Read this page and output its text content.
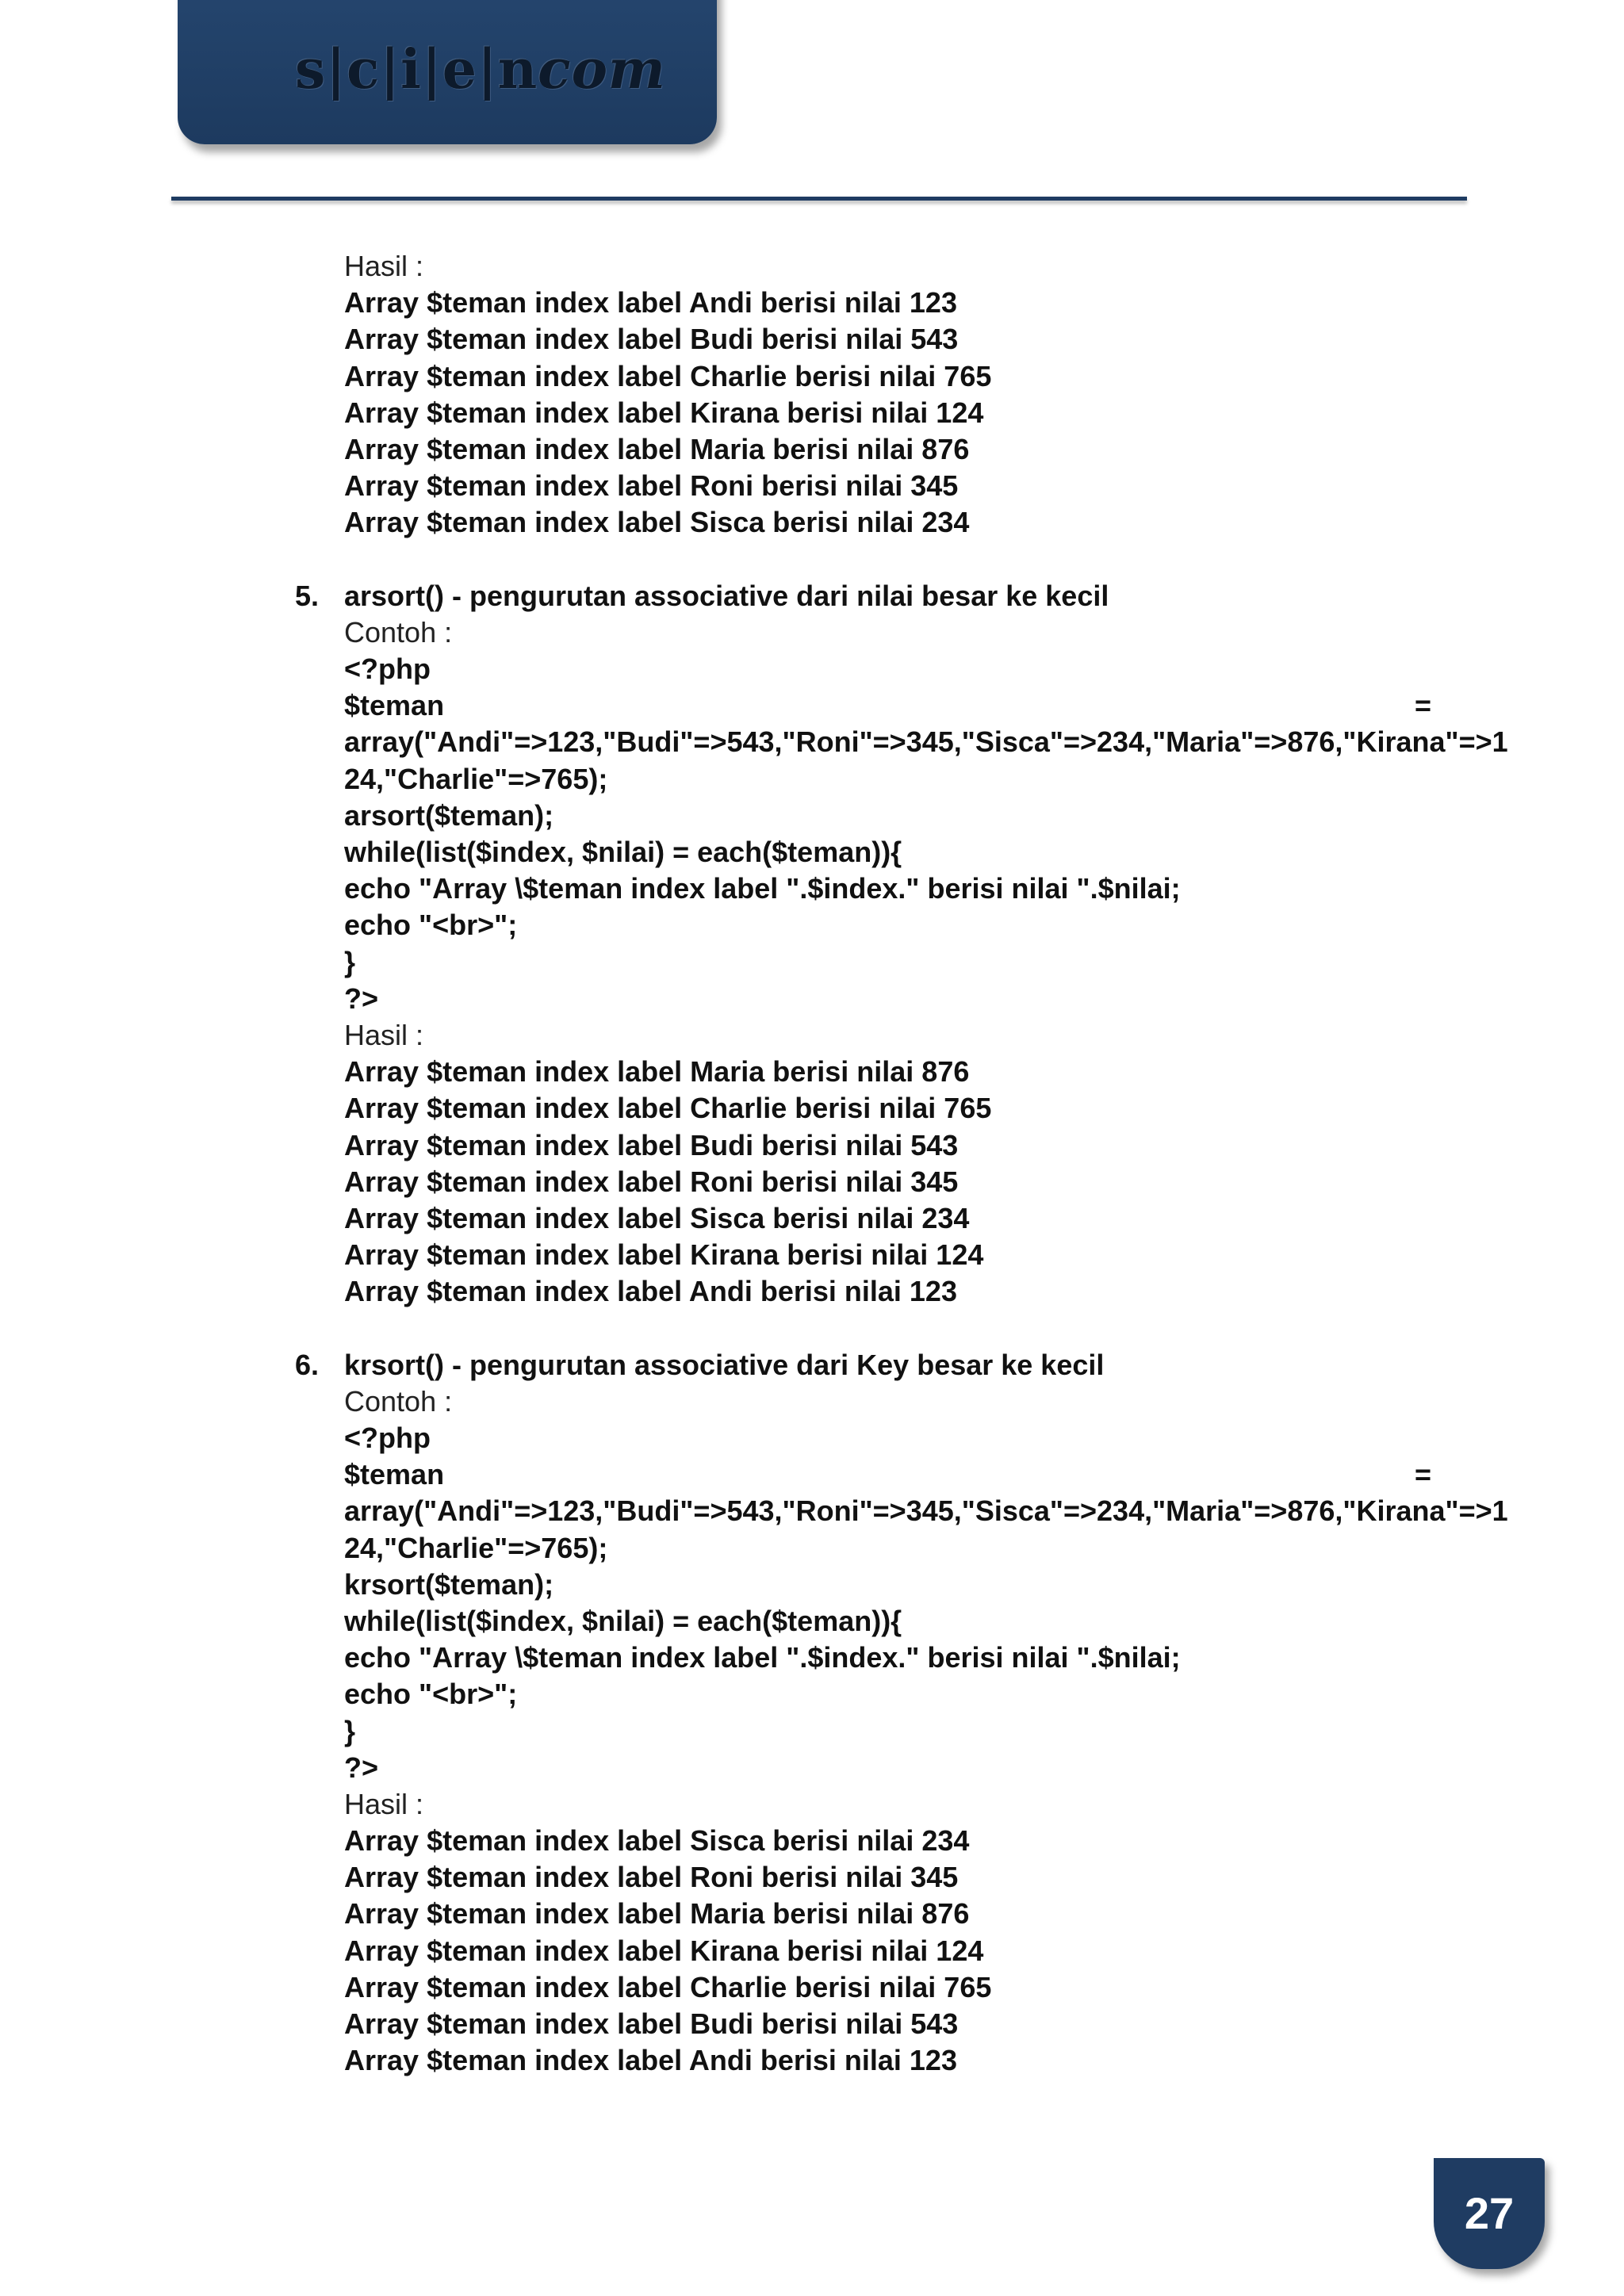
s|c|i|e|ncom
Hasil :
Array $teman index label Andi berisi nilai 123
Array $teman index label Budi berisi nilai 543
Array $teman index label Charlie berisi nilai 765
Array $teman index label Kirana berisi nilai 124
Array $teman index label Maria berisi nilai 876
Array $teman index label Roni berisi nilai 345
Array $teman index label Sisca berisi nilai 234
5. arsort() - pengurutan associative dari nilai besar ke kecil
Contoh :
<?php
$teman	=
array("Andi"=>123,"Budi"=>543,"Roni"=>345,"Sisca"=>234,"Maria"=>876,"Kirana"=>1
24,"Charlie"=>765);
arsort($teman);
while(list($index, $nilai) = each($teman)){
echo "Array \$teman index label ".$index." berisi nilai ".$nilai;
echo "<br>";
}
?>
Hasil :
Array $teman index label Maria berisi nilai 876
Array $teman index label Charlie berisi nilai 765
Array $teman index label Budi berisi nilai 543
Array $teman index label Roni berisi nilai 345
Array $teman index label Sisca berisi nilai 234
Array $teman index label Kirana berisi nilai 124
Array $teman index label Andi berisi nilai 123
6. krsort() - pengurutan associative dari Key besar ke kecil
Contoh :
<?php
$teman	=
array("Andi"=>123,"Budi"=>543,"Roni"=>345,"Sisca"=>234,"Maria"=>876,"Kirana"=>1
24,"Charlie"=>765);
krsort($teman);
while(list($index, $nilai) = each($teman)){
echo "Array \$teman index label ".$index." berisi nilai ".$nilai;
echo "<br>";
}
?>
Hasil :
Array $teman index label Sisca berisi nilai 234
Array $teman index label Roni berisi nilai 345
Array $teman index label Maria berisi nilai 876
Array $teman index label Kirana berisi nilai 124
Array $teman index label Charlie berisi nilai 765
Array $teman index label Budi berisi nilai 543
Array $teman index label Andi berisi nilai 123
27
